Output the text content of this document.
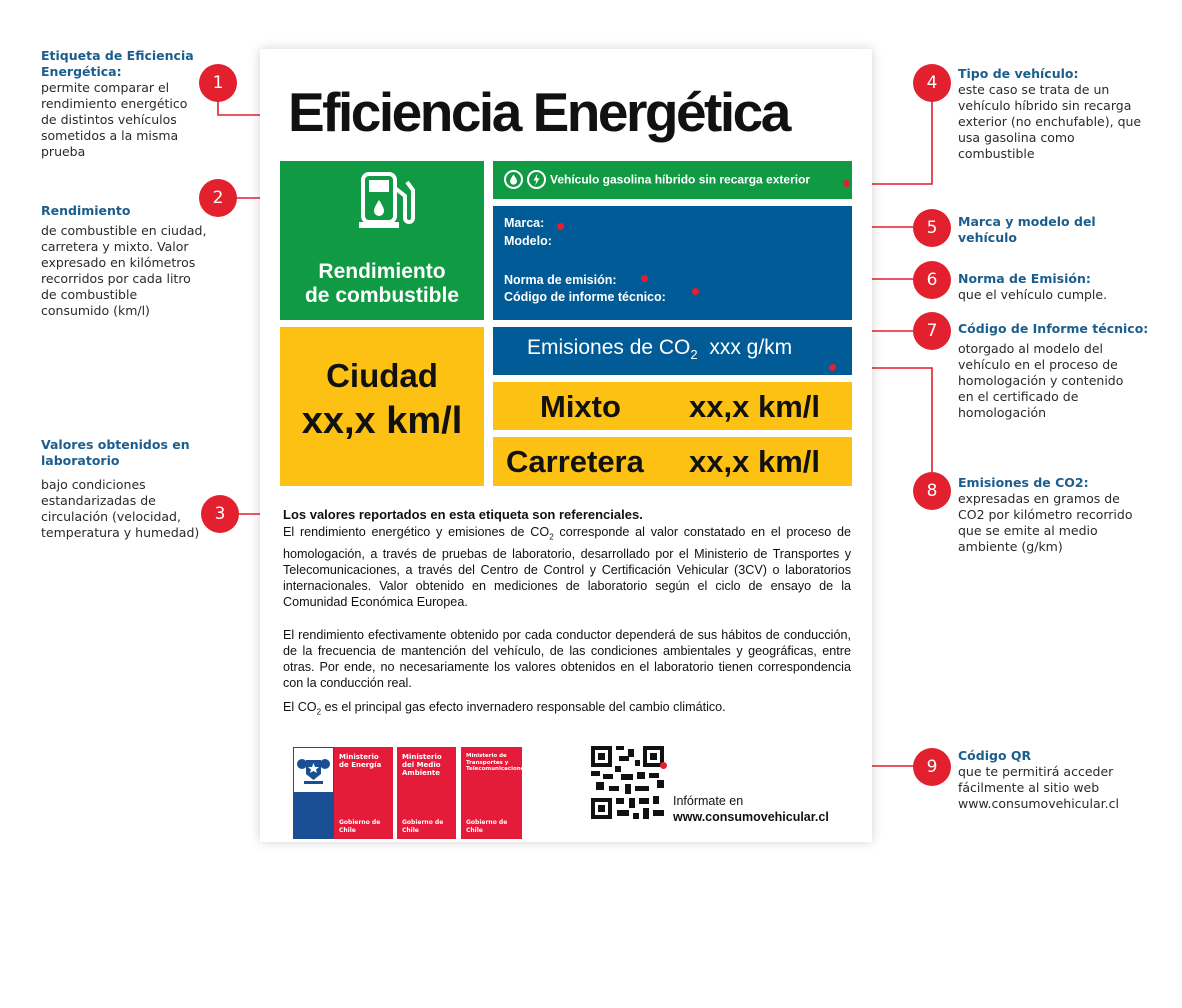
Etiqueta de Eficiencia Energética:
permite comparar el
rendimiento energético
de distintos vehículos
sometidos a la misma
prueba
1
Rendimiento
de combustible en ciudad,
carretera y mixto. Valor
expresado en kilómetros
recorridos por cada litro
de combustible
consumido (km/l)
2
Valores obtenidos en laboratorio
bajo condiciones
estandarizadas de
circulación (velocidad,
temperatura y humedad)
3
Eficiencia Energética
Rendimiento
de combustible
Vehículo gasolina híbrido sin recarga exterior
Marca:
Modelo:
Norma de emisión:
Código de informe técnico:
Emisiones de $CO_2$ xxx g/km
Ciudad
xx,x km/l	Mixto xx,x km/l
Carretera xx,x km/l
Los valores reportados en esta etiqueta son referenciales.
El rendimiento energético y emisiones de $CO_2$ corresponde al valor constatado en el proceso de homologación, a través de pruebas de laboratorio, desarrollado por el Ministerio de Transportes y Telecomunicaciones, a través del Centro de Control y Certificación Vehicular (3CV) o laboratorios internacionales. Valor obtenido en mediciones de laboratorio según el ciclo de ensayo de la Comunidad Económica Europea.
El rendimiento efectivamente obtenido por cada conductor dependerá de sus hábitos de conducción, de la frecuencia de mantención del vehículo, de las condiciones ambientales y geográficas, entre otras. Por ende, no necesariamente los valores obtenidos en el laboratorio tienen correspondencia con la conducción real.
El $CO_2$ es el principal gas efecto invernadero responsable del cambio climático.
Ministerio de Energía
Gobierno de Chile
Ministerio del Medio Ambiente
Gobierno de Chile
Ministerio de Transportes y Telecomunicaciones
Gobierno de Chile
Infórmate en
www.consumovehicular.cl
4	Tipo de vehículo:
este caso se trata de un
vehículo híbrido sin recarga
exterior (no enchufable), que
usa gasolina como
combustible
5	Marca y modelo del vehículo
6	Norma de Emisión:
que el vehículo cumple.
7	Código de Informe técnico:
otorgado al modelo del
vehículo en el proceso de
homologación y contenido
en el certificado de
homologación
8	Emisiones de CO2:
expresadas en gramos de
CO2 por kilómetro recorrido
que se emite al medio
ambiente (g/km)
9
Código QR
que te permitirá acceder
fácilmente al sitio web
www.consumovehicular.cl
